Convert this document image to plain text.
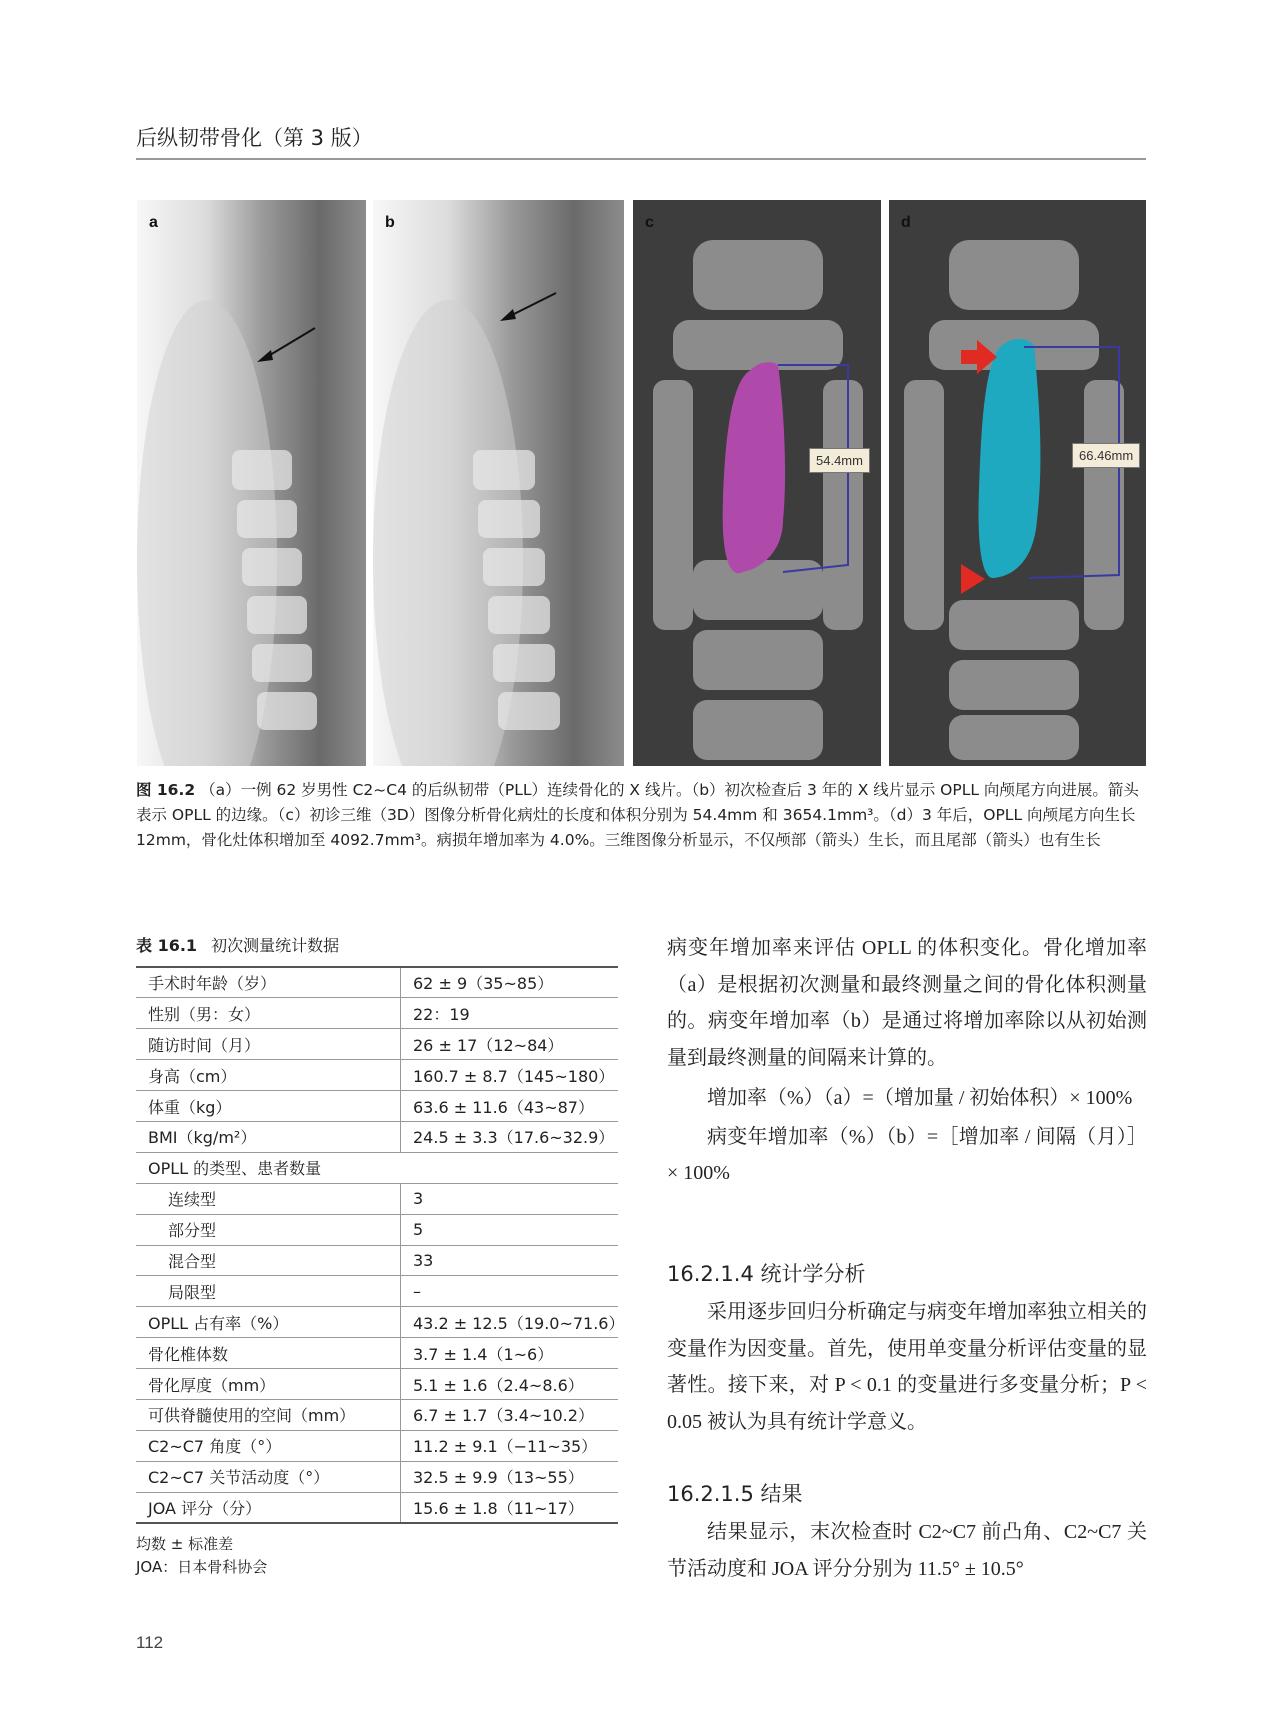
后纵韧带骨化（第 3 版）
a	b
54.4mm
c
66.46mm
d
图 16.2 （a）一例 62 岁男性 C2~C4 的后纵韧带（PLL）连续骨化的 X 线片。（b）初次检查后 3 年的 X 线片显示 OPLL 向颅尾方向进展。箭头表示 OPLL 的边缘。（c）初诊三维（3D）图像分析骨化病灶的长度和体积分别为 54.4mm 和 3654.1mm³。（d）3 年后，OPLL 向颅尾方向生长 12mm，骨化灶体积增加至 4092.7mm³。病损年增加率为 4.0%。三维图像分析显示，不仅颅部（箭头）生长，而且尾部（箭头）也有生长
表 16.1 初次测量统计数据
手术时年龄（岁）	62 ± 9（35~85）
性别（男：女）	22：19
随访时间（月）	26 ± 17（12~84）
身高（cm）	160.7 ± 8.7（145~180）
体重（kg）	63.6 ± 11.6（43~87）
BMI（kg/m²）	24.5 ± 3.3（17.6~32.9）
OPLL 的类型、患者数量	
连续型	3
部分型	5
混合型	33
局限型	–
OPLL 占有率（%）	43.2 ± 12.5（19.0~71.6）
骨化椎体数	3.7 ± 1.4（1~6）
骨化厚度（mm）	5.1 ± 1.6（2.4~8.6）
可供脊髓使用的空间（mm）	6.7 ± 1.7（3.4~10.2）
C2~C7 角度（°）	11.2 ± 9.1（−11~35）
C2~C7 关节活动度（°）	32.5 ± 9.9（13~55）
JOA 评分（分）	15.6 ± 1.8（11~17）
均数 ± 标准差
JOA：日本骨科协会

病变年增加率来评估 OPLL 的体积变化。骨化增加率（a）是根据初次测量和最终测量之间的骨化体积测量的。病变年增加率（b）是通过将增加率除以从初始测量到最终测量的间隔来计算的。

增加率（%）（a）=（增加量 / 初始体积）× 100%

病变年增加率（%）（b）=［增加率 / 间隔（月）］× 100%

16.2.1.4 统计学分析

采用逐步回归分析确定与病变年增加率独立相关的变量作为因变量。首先，使用单变量分析评估变量的显著性。接下来，对 P < 0.1 的变量进行多变量分析；P < 0.05 被认为具有统计学意义。

16.2.1.5 结果

结果显示，末次检查时 C2~C7 前凸角、C2~C7 关节活动度和 JOA 评分分别为 11.5° ± 10.5°

112
